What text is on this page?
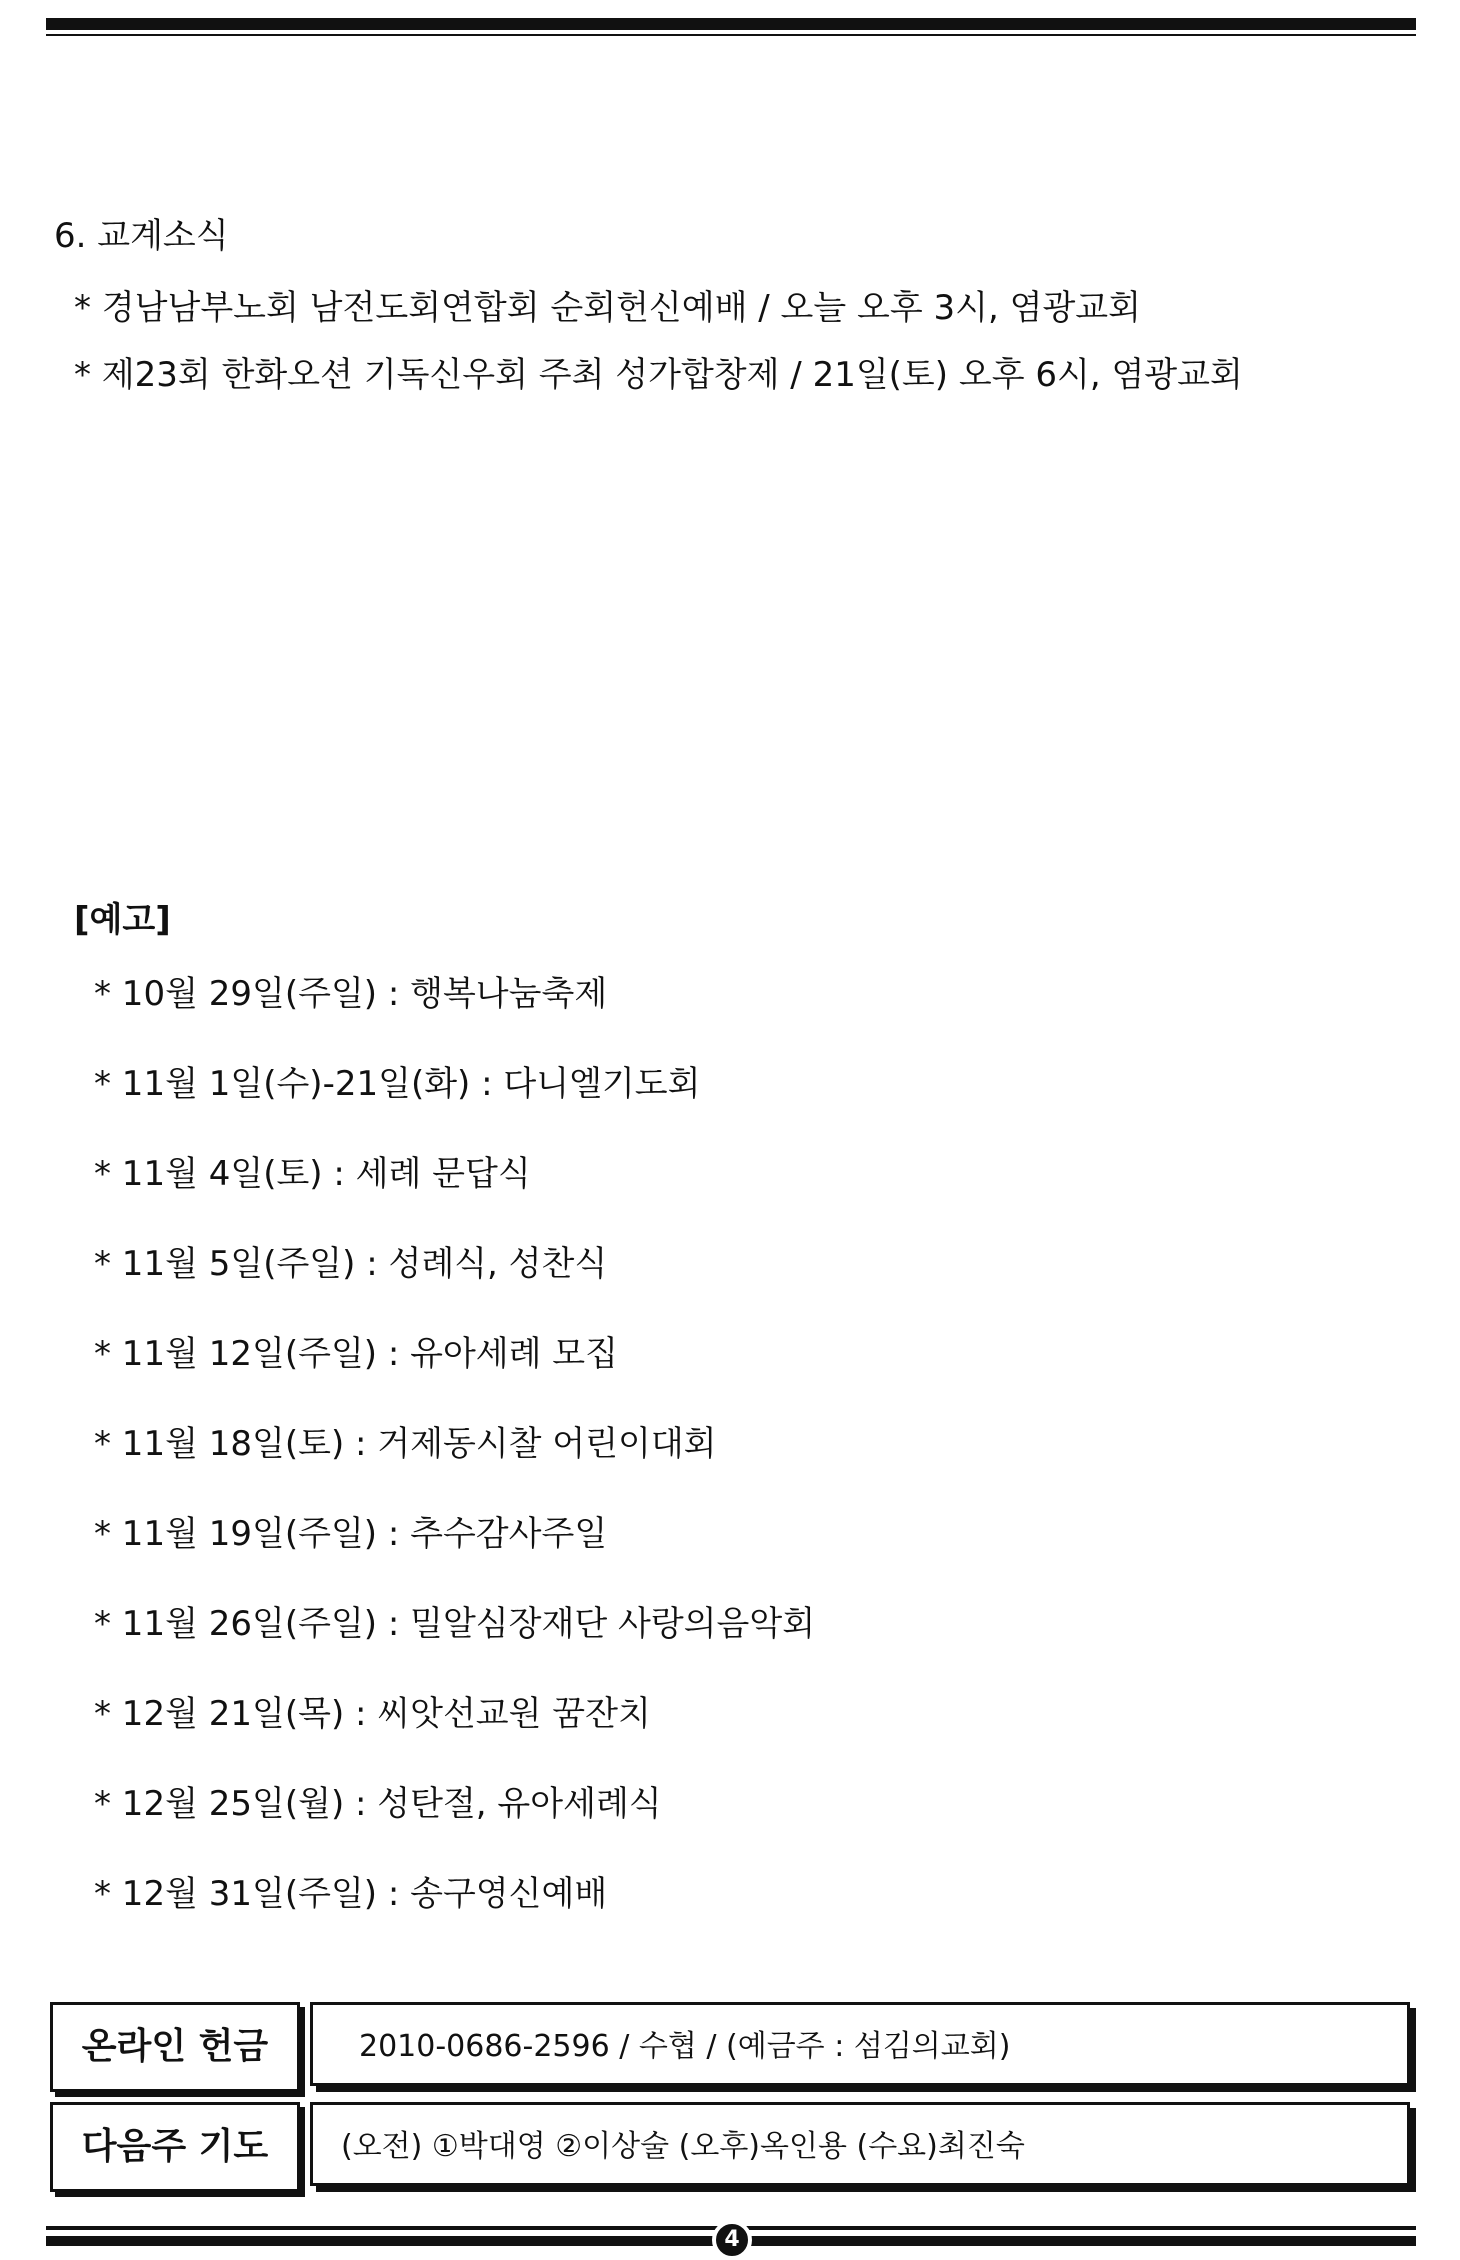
6. 교계소식
* 경남남부노회 남전도회연합회 순회헌신예배 / 오늘 오후 3시, 염광교회
* 제23회 한화오션 기독신우회 주최 성가합창제 / 21일(토) 오후 6시, 염광교회
[예고]
* 10월 29일(주일) : 행복나눔축제
* 11월 1일(수)-21일(화) : 다니엘기도회
* 11월 4일(토) : 세례 문답식
* 11월 5일(주일) : 성례식, 성찬식
* 11월 12일(주일) : 유아세례 모집
* 11월 18일(토) : 거제동시찰 어린이대회
* 11월 19일(주일) : 추수감사주일
* 11월 26일(주일) : 밀알심장재단 사랑의음악회
* 12월 21일(목) : 씨앗선교원 꿈잔치
* 12월 25일(월) : 성탄절, 유아세례식
* 12월 31일(주일) : 송구영신예배
온라인 헌금	2010-0686-2596 / 수협 / (예금주 : 섬김의교회)
다음주 기도	(오전) ①박대영 ②이상술 (오후)옥인용 (수요)최진숙
4
